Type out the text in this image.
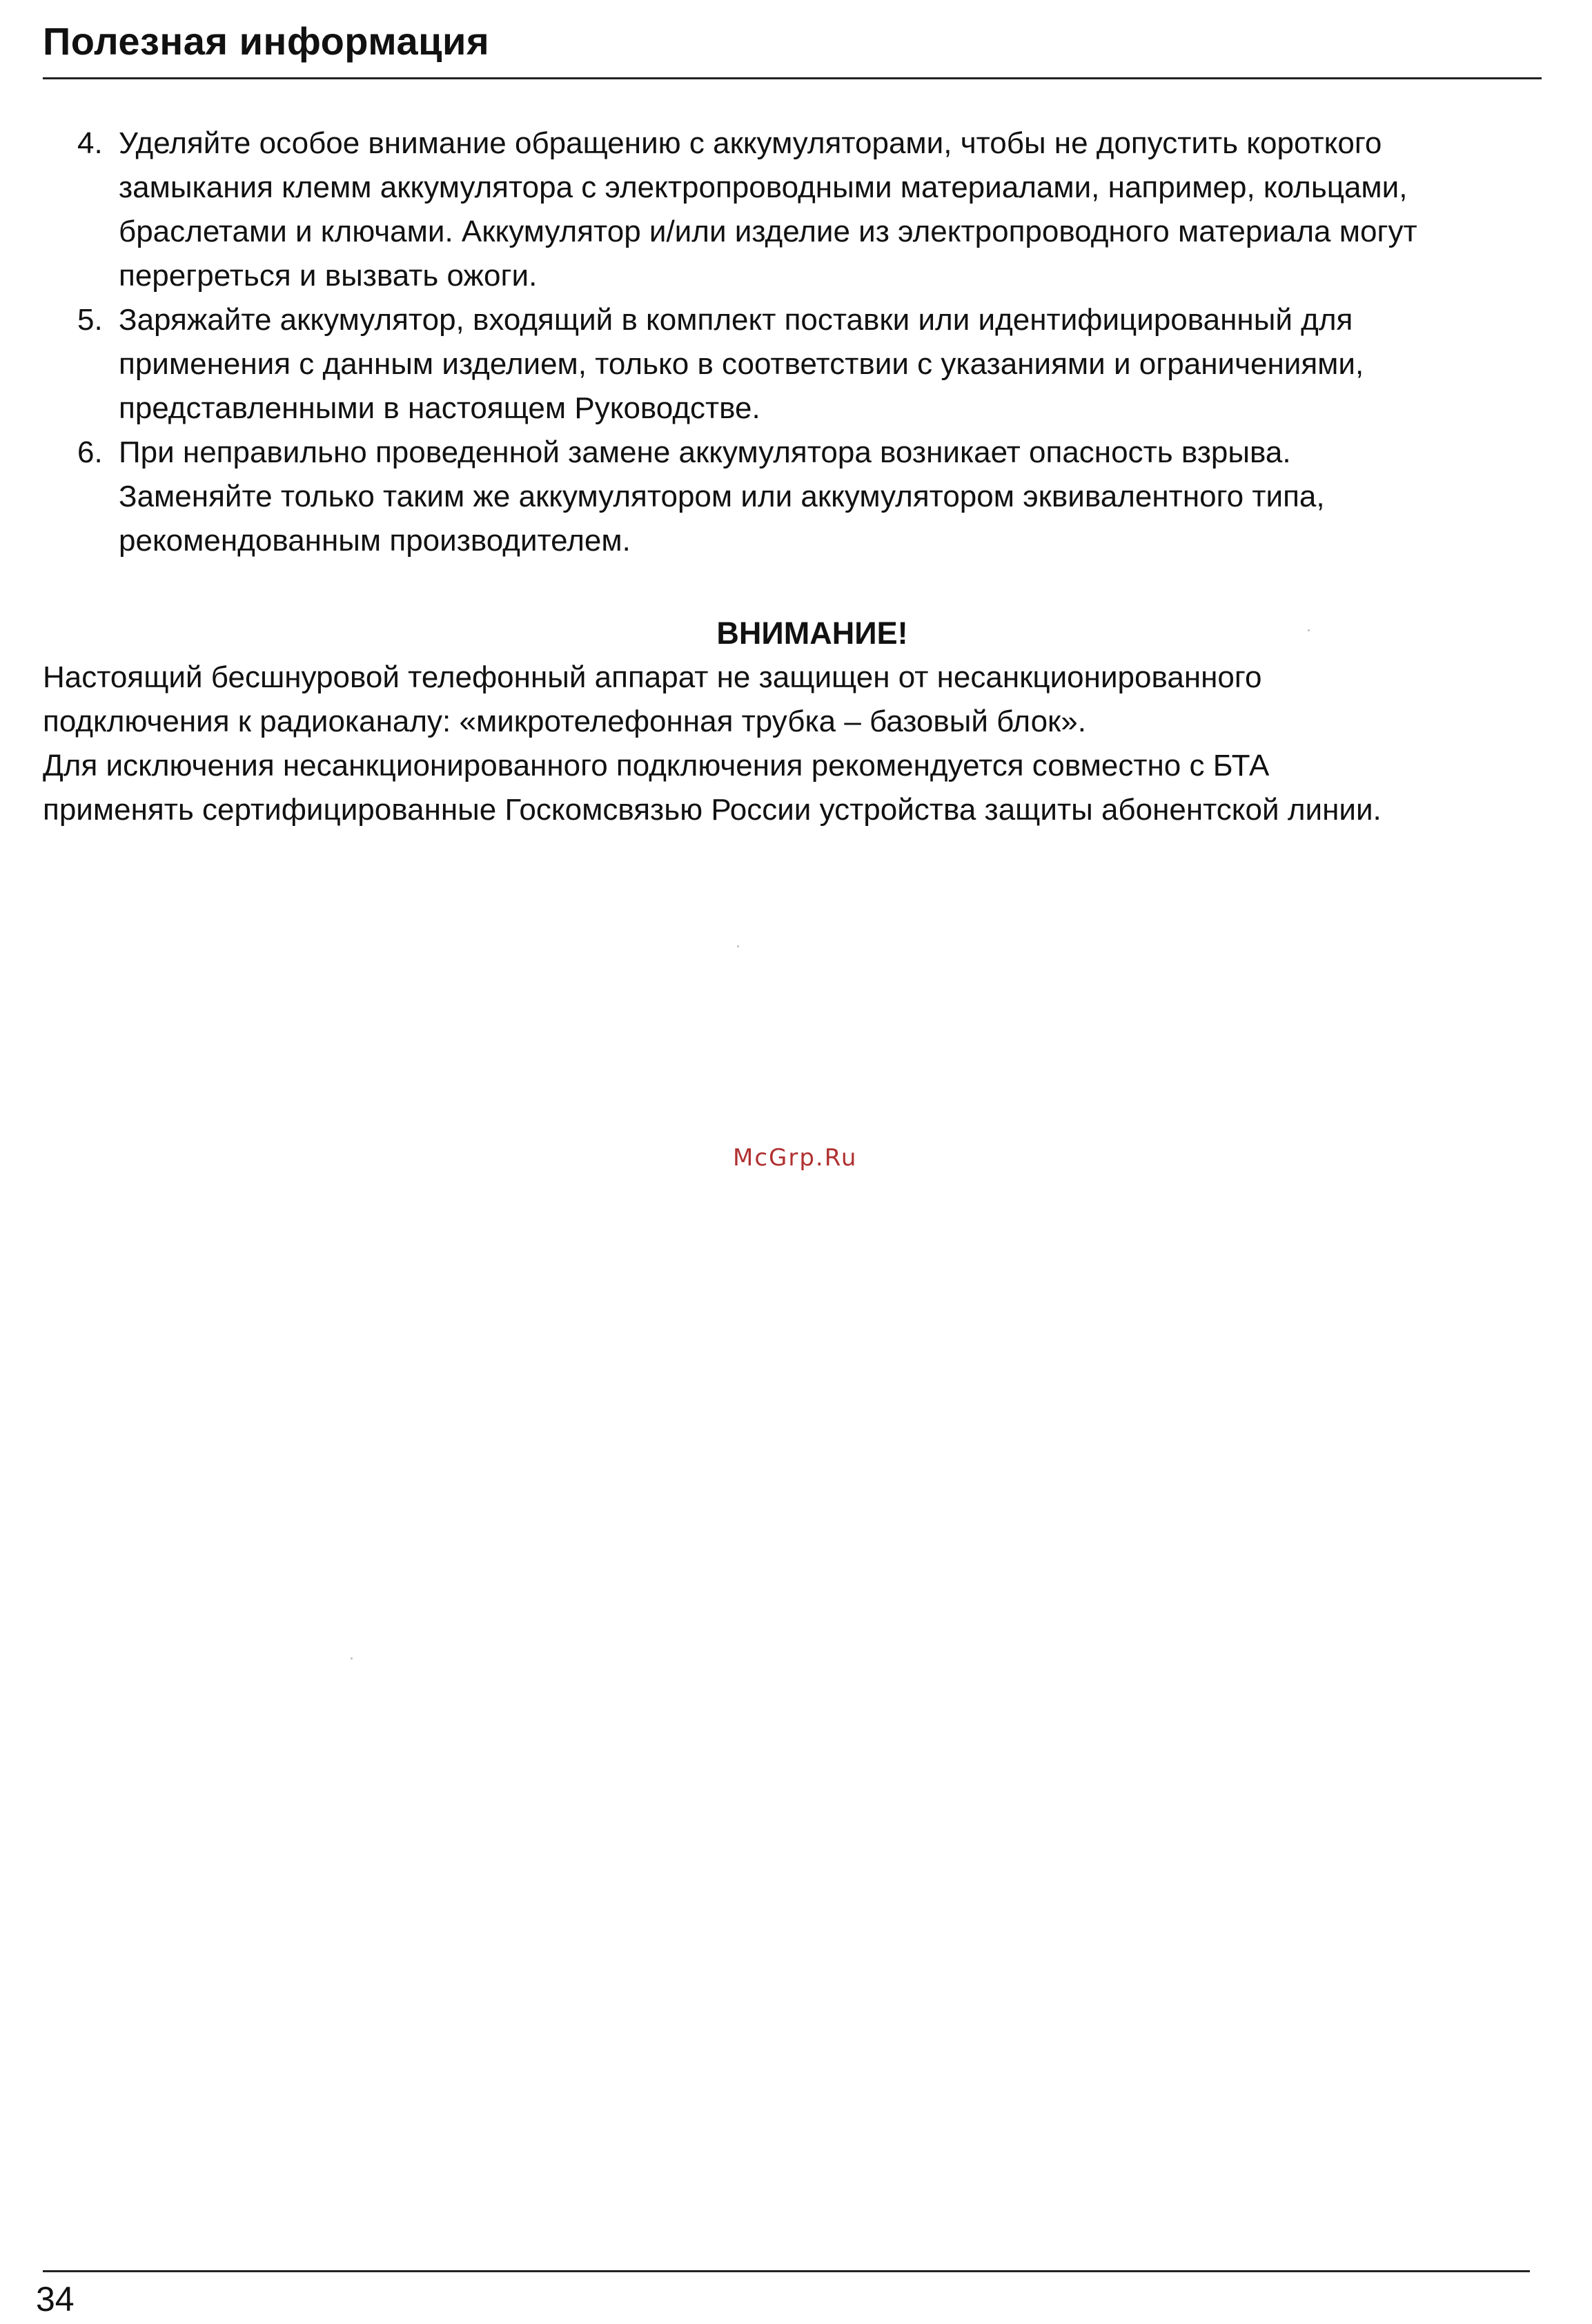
Полезная информация
4. Уделяйте особое внимание обращению с аккумуляторами, чтобы не допустить короткого
замыкания клемм аккумулятора с электропроводными материалами, например, кольцами,
браслетами и ключами. Аккумулятор и/или изделие из электропроводного материала могут
перегреться и вызвать ожоги.
5. Заряжайте аккумулятор, входящий в комплект поставки или идентифицированный для
применения с данным изделием, только в соответствии с указаниями и ограничениями,
представленными в настоящем Руководстве.
6. При неправильно проведенной замене аккумулятора возникает опасность взрыва.
Заменяйте только таким же аккумулятором или аккумулятором эквивалентного типа,
рекомендованным производителем.
ВНИМАНИЕ!

Настоящий бесшнуровой телефонный аппарат не защищен от несанкционированного

подключения к радиоканалу: «микротелефонная трубка – базовый блок».

Для исключения несанкционированного подключения рекомендуется совместно с БТА

применять сертифицированные Госкомсвязью России устройства защиты абонентской линии.

McGrp.Ru
34
